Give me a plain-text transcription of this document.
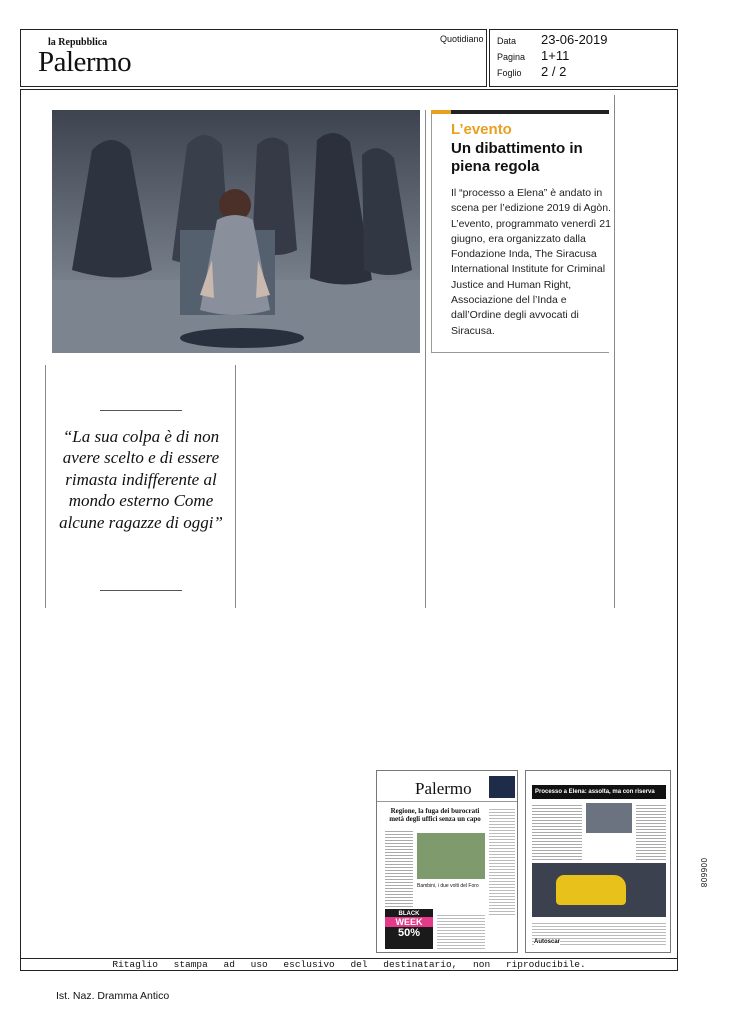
la Repubblica
Palermo
Quotidiano Data 23-06-2019
Pagina 1+11
Foglio 2 / 2
“La sua colpa è di non avere scelto e di essere rimasta indifferente al mondo esterno Come alcune ragazze di oggi”
L’evento
Un dibattimento in piena regola
Il “processo a Elena” è andato in scena per l’edizione 2019 di Agòn. L’evento, programmato venerdì 21 giugno, era organizzato dalla Fondazione Inda, The Siracusa International Institute for Criminal Justice and Human Right, Associazione del l’Inda e dall’Ordine degli avvocati di Siracusa.
Palermo
Regione, la fuga dei burocrati metà degli uffici senza un capo
Bambini, i due volti del Foro
BLACK
WEEK
50%
Processo a Elena: assolta, ma con riserva
Autoscar
Ritaglio stampa ad uso esclusivo del destinatario, non riproducibile.
Ist. Naz. Dramma Antico
006608
